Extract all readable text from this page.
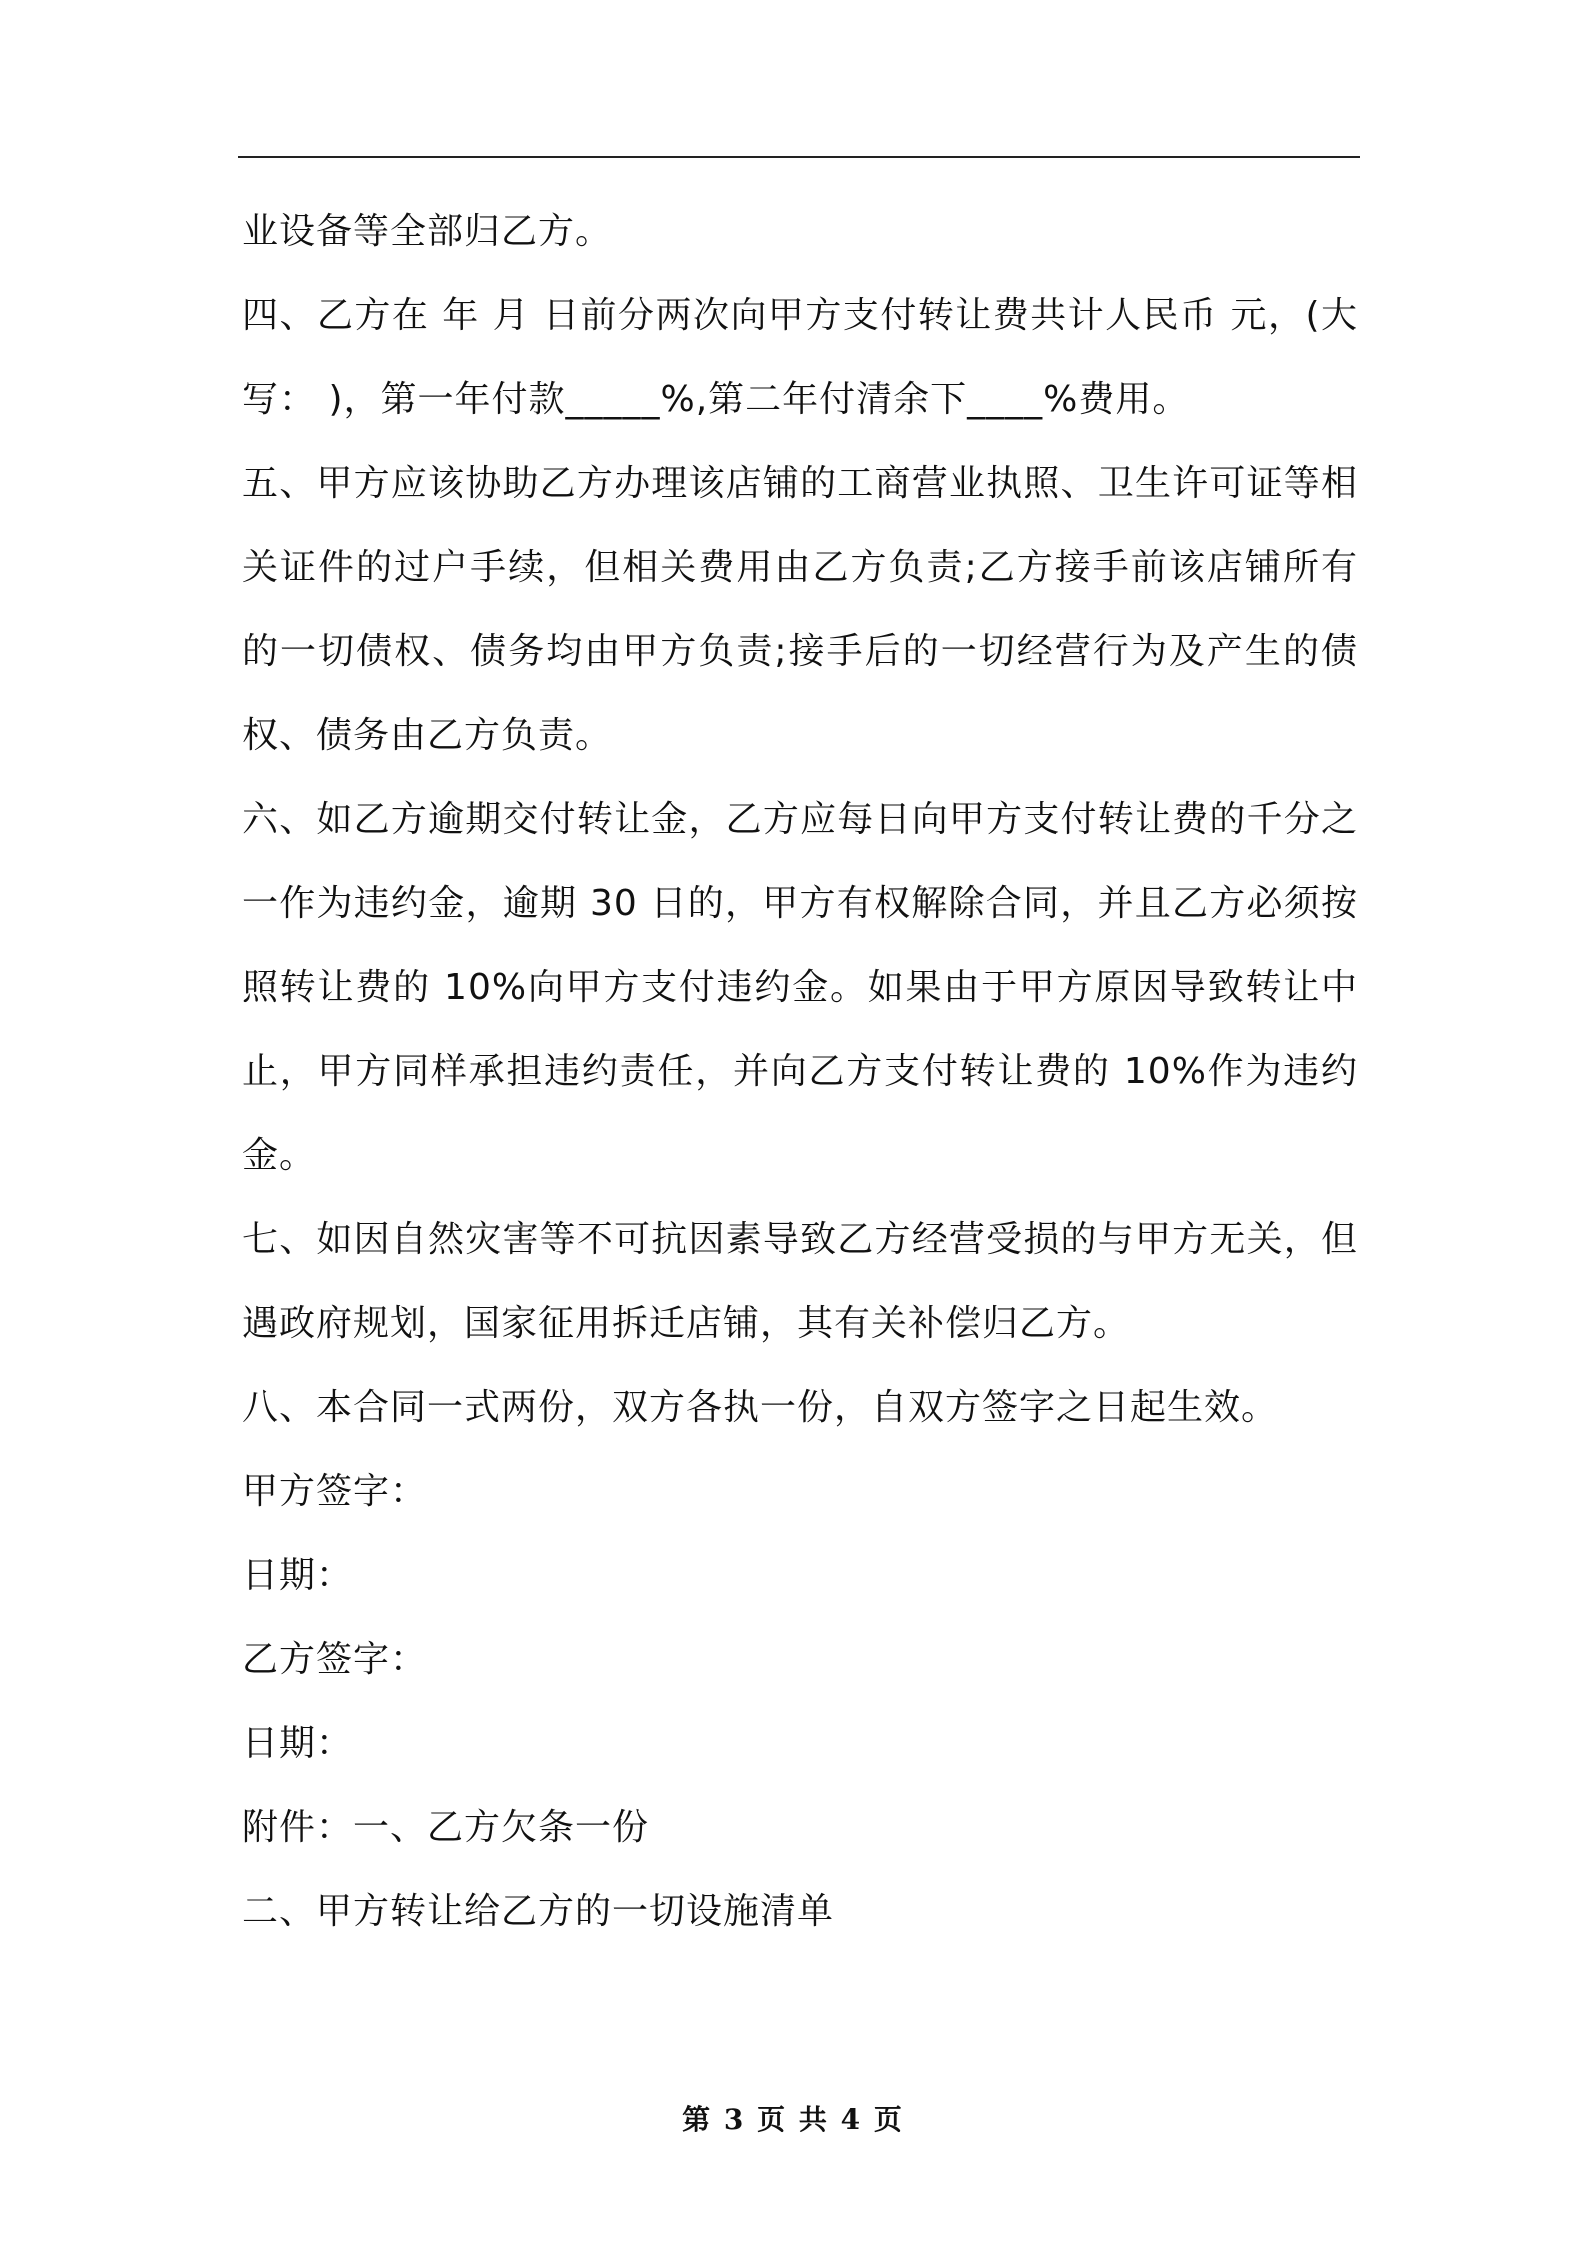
业设备等全部归乙方。

四、乙方在 年 月 日前分两次向甲方支付转让费共计人民币 元，(大写： )，第一年付款_____%,第二年付清余下____%费用。

五、甲方应该协助乙方办理该店铺的工商营业执照、卫生许可证等相关证件的过户手续，但相关费用由乙方负责;乙方接手前该店铺所有的一切债权、债务均由甲方负责;接手后的一切经营行为及产生的债权、债务由乙方负责。

六、如乙方逾期交付转让金，乙方应每日向甲方支付转让费的千分之一作为违约金，逾期 30 日的，甲方有权解除合同，并且乙方必须按照转让费的 10%向甲方支付违约金。如果由于甲方原因导致转让中止，甲方同样承担违约责任，并向乙方支付转让费的 10%作为违约金。

七、如因自然灾害等不可抗因素导致乙方经营受损的与甲方无关，但遇政府规划，国家征用拆迁店铺，其有关补偿归乙方。

八、本合同一式两份，双方各执一份，自双方签字之日起生效。

甲方签字：

日期：

乙方签字：

日期：

附件：一、乙方欠条一份

二、甲方转让给乙方的一切设施清单

第 3 页 共 4 页
